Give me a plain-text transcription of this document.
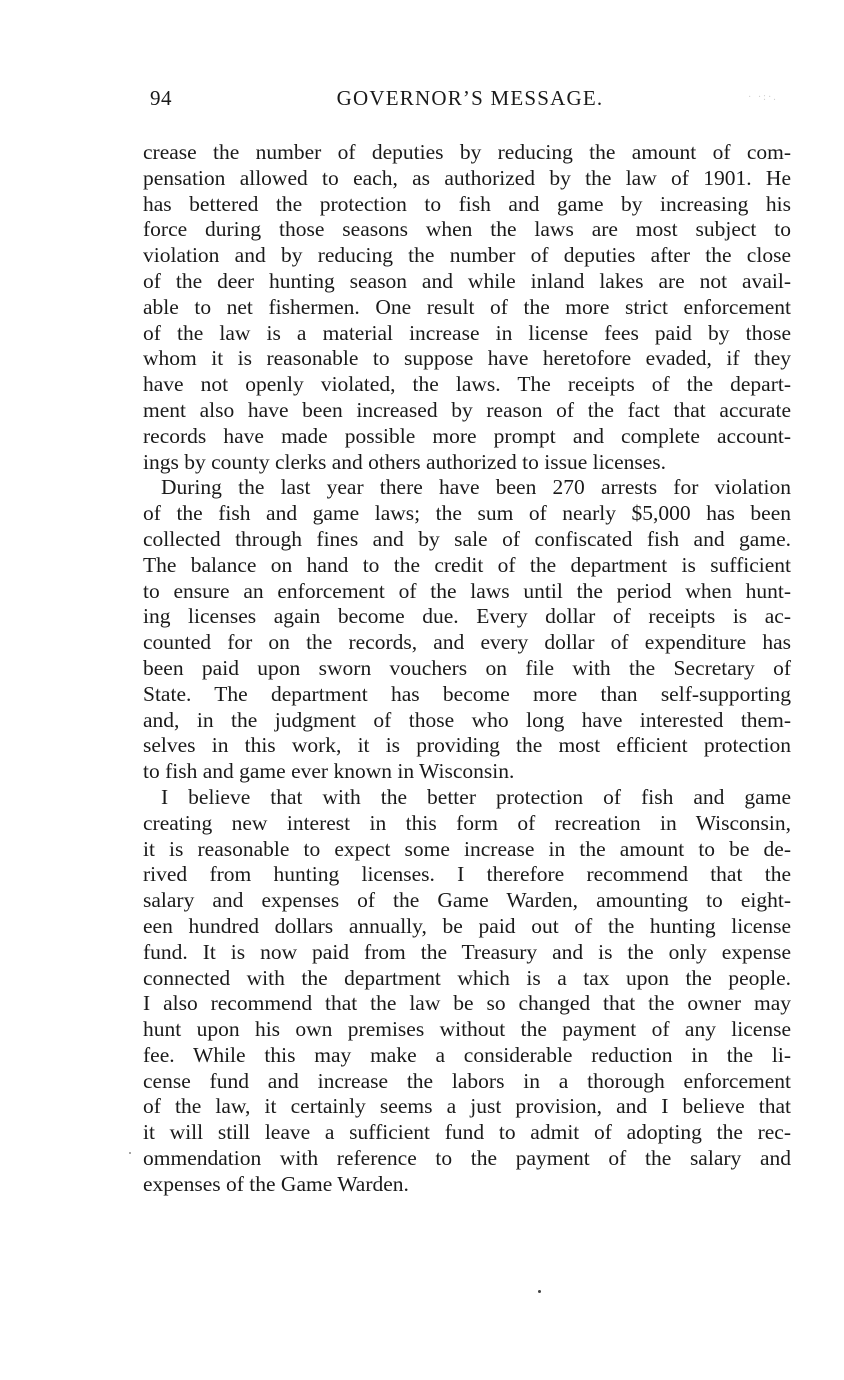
94	GOVERNOR’S MESSAGE.	· ·:·.
crease the number of deputies by reducing the amount of com-
pensation allowed to each, as authorized by the law of 1901. He
has bettered the protection to fish and game by increasing his
force during those seasons when the laws are most subject to
violation and by reducing the number of deputies after the close
of the deer hunting season and while inland lakes are not avail-
able to net fishermen. One result of the more strict enforcement
of the law is a material increase in license fees paid by those
whom it is reasonable to suppose have heretofore evaded, if they
have not openly violated, the laws. The receipts of the depart-
ment also have been increased by reason of the fact that accurate
records have made possible more prompt and complete account-
ings by county clerks and others authorized to issue licenses.
During the last year there have been 270 arrests for violation
of the fish and game laws; the sum of nearly $5,000 has been
collected through fines and by sale of confiscated fish and game.
The balance on hand to the credit of the department is sufficient
to ensure an enforcement of the laws until the period when hunt-
ing licenses again become due. Every dollar of receipts is ac-
counted for on the records, and every dollar of expenditure has
been paid upon sworn vouchers on file with the Secretary of
State. The department has become more than self-supporting
and, in the judgment of those who long have interested them-
selves in this work, it is providing the most efficient protection
to fish and game ever known in Wisconsin.
I believe that with the better protection of fish and game
creating new interest in this form of recreation in Wisconsin,
it is reasonable to expect some increase in the amount to be de-
rived from hunting licenses. I therefore recommend that the
salary and expenses of the Game Warden, amounting to eight-
een hundred dollars annually, be paid out of the hunting license
fund. It is now paid from the Treasury and is the only expense
connected with the department which is a tax upon the people.
I also recommend that the law be so changed that the owner may
hunt upon his own premises without the payment of any license
fee. While this may make a considerable reduction in the li-
cense fund and increase the labors in a thorough enforcement
of the law, it certainly seems a just provision, and I believe that
it will still leave a sufficient fund to admit of adopting the rec-
ommendation with reference to the payment of the salary and
expenses of the Game Warden.
